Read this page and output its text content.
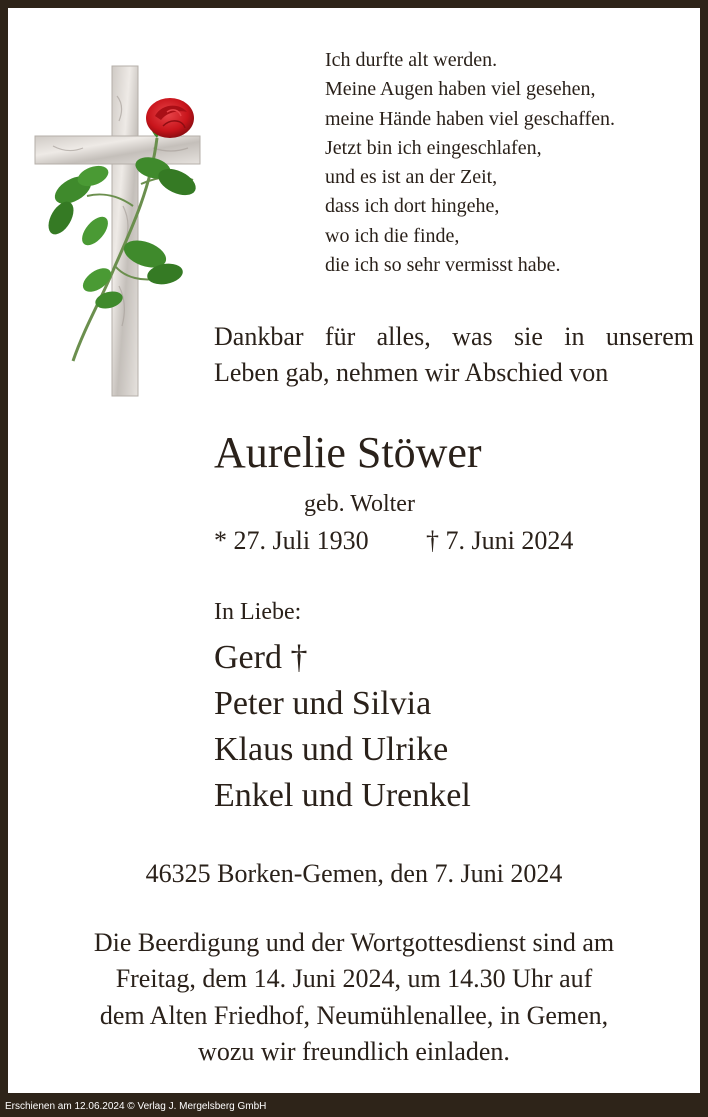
Ich durfte alt werden.
Meine Augen haben viel gesehen,
meine Hände haben viel geschaffen.
Jetzt bin ich eingeschlafen,
und es ist an der Zeit,
dass ich dort hingehe,
wo ich die finde,
die ich so sehr vermisst habe.
Dankbar für alles, was sie in unserem
Leben gab, nehmen wir Abschied von
Aurelie Stöwer
geb. Wolter
* 27. Juli 1930 † 7. Juni 2024
In Liebe:
Gerd †
Peter und Silvia
Klaus und Ulrike
Enkel und Urenkel
46325 Borken-Gemen, den 7. Juni 2024
Die Beerdigung und der Wortgottesdienst sind am
Freitag, dem 14. Juni 2024, um 14.30 Uhr auf
dem Alten Friedhof, Neumühlenallee, in Gemen,
wozu wir freundlich einladen.
Erschienen am 12.06.2024 © Verlag J. Mergelsberg GmbH
